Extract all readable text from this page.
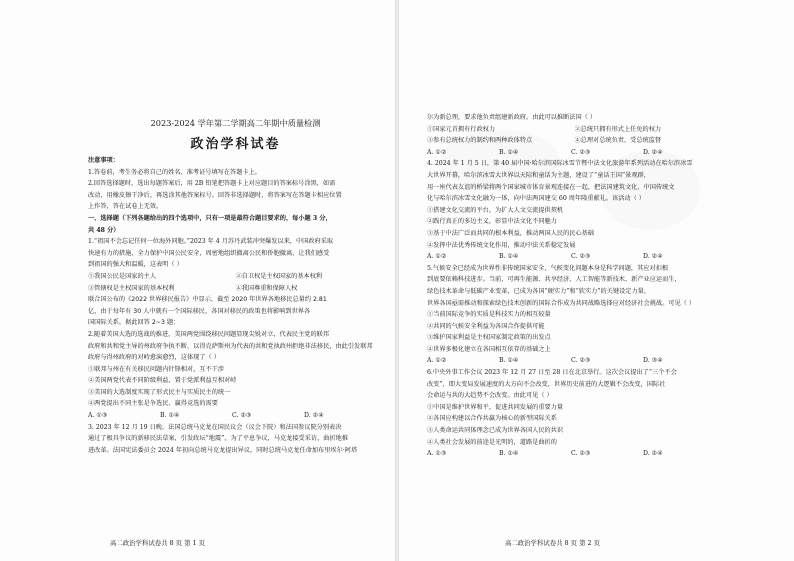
2023-2024 学年第二学期高二年期中质量检测
政治学科试卷
注意事项：
1.答卷前，考生务必将自己的姓名、准考证号填写在答题卡上。
2.回答选择题时，选出每题答案后，用 2B 铅笔把答题卡上对应题目的答案标号涂黑，如需
改动，用橡皮擦干净后，再选涂其他答案标号。回答非选择题时，将答案写在答题卡相应位置
上作答，答在试卷上无效。
一、选择题（下列各题给出的四个选项中，只有一项是最符合题目要求的，每小题 3 分，
共 48 分）
1.“祖国不会忘记任何一位海外同胞。”2023 年 4 月苏丹武装冲突爆发以来，中国政府采取
快速有力的措施，全力保护中国公民安全，周密地组织撤离公民和侨胞撤离，让我们感受
到祖国的强大和温暖，这表明（ ）
①我国公民是国家的主人	②自卫权是主权国家的基本权利
③管辖权是主权国家的基本权利	④我国尊重和保障人权
联合国公布的《2022 世界移民报告》中显示，截至 2020 年世界各地移民总量约 2.81
亿，由于每年有 30 人中就有一个国际移民，各国对移民的政策也将影响到世界各
国国际关系。据此回答 2~3 题：
2.随着美国大选的选战的推进，美国两党围绕移民问题显现尖锐对立，代表民主党的联邦
政府和共和党主导的州政府争执不断，以得克萨斯州为代表的共和党执政州拒绝非法移民，由此引发联邦
政府与得州政府的对峙愈演愈烈，这体现了（ ）
①联邦与州在有关移民问题内针锋相对，互不干涉
②美国两党代表不同阶级利益，置于党派利益互相对峙
③美国的大选制度实现了形式民主与实质民主的统一
④两党提出不同主张是争选民、赢得竞选的需要
A. ①③	B. ①④	C. ②③	D. ②④
3. 2023 年 12 月 19 日晚，法国总统马克龙在国民议会（议会下院）和法国参议院分别表决
通过了极具争议的新移民法草案，引发政坛“地震”，为了平息争议，马克龙接受采访，曲折地推
进改革。法国宪法委员会 2024 年初向总统马克龙提出异议，同时总统马克龙任命加布里埃尔·阿塔
高二政治学科试卷共 8 页 第 1 页
尔为新总理，要求他负责组建新政府。由此可以推断法国（ ）
①国家元首拥有行政权力	②总统只拥有形式上任免的权力
③参有总统权力的制约和两种政体特点	④总理对总统负责，受总统监督
A. ①②	B. ①④	C. ②③	D. ②④
4. 2024 年 1 月 5 日，第 40 届中国·哈尔滨国际冰雪节暨中法文化旅游年系列活动在哈尔滨冰雪
大世界开幕，哈尔滨冰雪大世界以天际和童话为主题，建设了“童话王国”景观群，
用一座代表友谊的桥梁将两个国家城市体育景观连接在一起，把法国建筑文化、中国传统文
化与哈尔滨冰雪文化融为一体，向中法两国建交 60 周年隆重献礼。该活动（ ）
①搭建文化交流的平台，为扩大人文交流提供契机
②践行真正的多边主义，彰显中法文化不同魅力
③基于中法广泛而共同的根本利益，推动两国人民的民心基础
④发挥中法优秀传统文化作用，推动中法关系稳定发展
A. ①②	B. ①④	C. ②③	D. ②④
5.气候安全已经成为世界性非传统国家安全，气候变化问题本身是科学问题，其应对扣根
到底要依赖科技进步。当前，可再生能源、共享经济、人工智能等新技术、新产业应运而生，
绿色技术革命与低碳产业变革，已成为各国“硬实力”和“软实力”的关键设定力量，
世界各国亟需推动和探索绿色技术创新的国际合作成为共同战略选择应对经济社会挑战。可见（ ）
①当前国际竞争的实质是科技实力的相互较量
②共同的气候安全利益为各国合作提供可能
③维护国家利益是主权国家制定政策的出发点
④世界多极化建立在各国相互依存的基础之上
A. ①②	B. ①④	C. ②③	D. ③④
6.中央外事工作会议 2023 年 12 月 27 日至 28 日在北京举行。这次会议提出了“三个不会
改变”，即大变局发展速度的大方向不会改变，世界历史前进的大逻辑不会改变，国际社
会命运与共的大趋势不会改变。由此可见（ ）
①中国是维护世界和平，促进共同发展的重要力量
②各国应构建以合作共赢为核心的新型国际关系
③人类命运共同体理念已成为世界各国人民的共识
④人类社会发展的前途是光明的，道路是曲折的
A. ①③	B. ①④	C. ②③	D. ②④
高二政治学科试卷共 8 页 第 2 页
